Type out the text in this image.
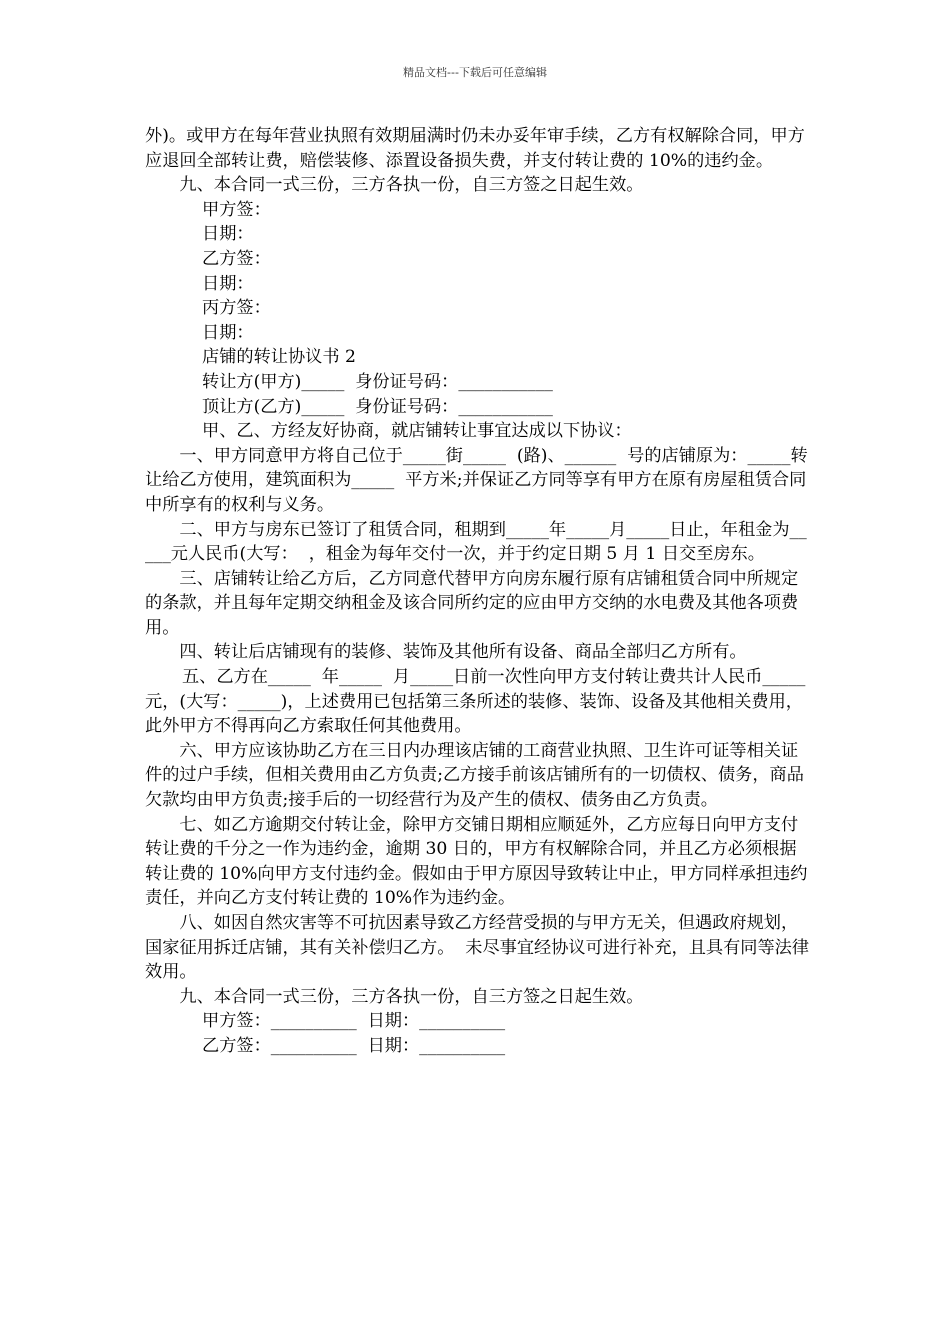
精品文档---下载后可任意编辑

外)。或甲方在每年营业执照有效期届满时仍未办妥年审手续，乙方有权解除合同，甲方应退回全部转让费，赔偿装修、添置设备损失费，并支付转让费的 10%的违约金。

九、本合同一式三份，三方各执一份，自三方签之日起生效。

甲方签：

日期：

乙方签：

日期：

丙方签：

日期：

店铺的转让协议书 2

转让方(甲方)_____  身份证号码：___________

顶让方(乙方)_____  身份证号码：___________

甲、乙、方经友好协商，就店铺转让事宜达成以下协议：

一、甲方同意甲方将自己位于_____街_____  (路)、______  号的店铺原为：_____转让给乙方使用，建筑面积为_____  平方米;并保证乙方同等享有甲方在原有房屋租赁合同中所享有的权利与义务。

二、甲方与房东已签订了租赁合同，租期到_____年_____月_____日止，年租金为_____元人民币(大写：  ，租金为每年交付一次，并于约定日期 5 月 1 日交至房东。

三、店铺转让给乙方后，乙方同意代替甲方向房东履行原有店铺租赁合同中所规定的条款，并且每年定期交纳租金及该合同所约定的应由甲方交纳的水电费及其他各项费用。

四、转让后店铺现有的装修、装饰及其他所有设备、商品全部归乙方所有。

五、乙方在_____  年_____  月_____日前一次性向甲方支付转让费共计人民币_____  元，(大写：_____)，上述费用已包括第三条所述的装修、装饰、设备及其他相关费用，此外甲方不得再向乙方索取任何其他费用。

六、甲方应该协助乙方在三日内办理该店铺的工商营业执照、卫生许可证等相关证件的过户手续，但相关费用由乙方负责;乙方接手前该店铺所有的一切债权、债务，商品欠款均由甲方负责;接手后的一切经营行为及产生的债权、债务由乙方负责。

七、如乙方逾期交付转让金，除甲方交铺日期相应顺延外，乙方应每日向甲方支付转让费的千分之一作为违约金，逾期 30 日的，甲方有权解除合同，并且乙方必须根据转让费的 10%向甲方支付违约金。假如由于甲方原因导致转让中止，甲方同样承担违约责任，并向乙方支付转让费的 10%作为违约金。

八、如因自然灾害等不可抗因素导致乙方经营受损的与甲方无关，但遇政府规划，国家征用拆迁店铺，其有关补偿归乙方。  未尽事宜经协议可进行补充，且具有同等法律效用。

九、本合同一式三份，三方各执一份，自三方签之日起生效。

甲方签：__________  日期：__________

乙方签：__________  日期：__________
